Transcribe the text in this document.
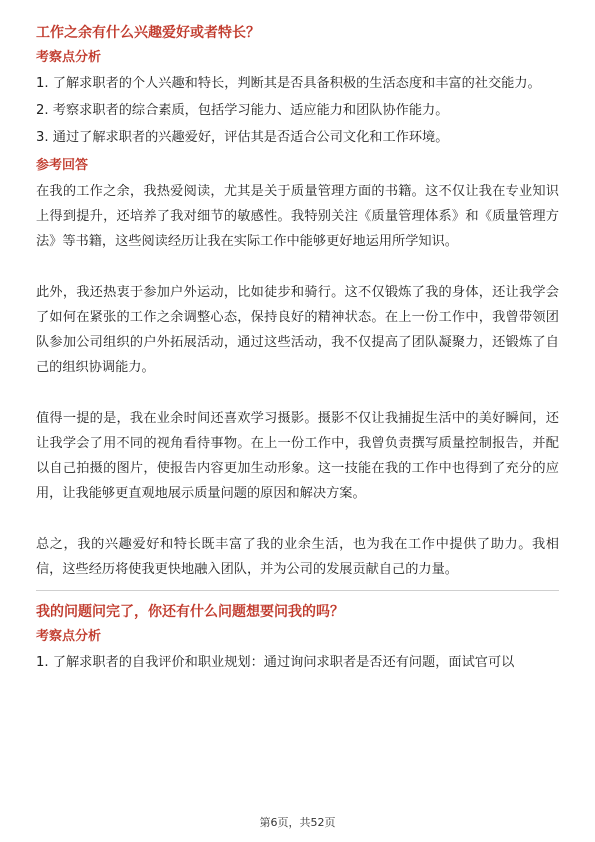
工作之余有什么兴趣爱好或者特长？
考察点分析

1. 了解求职者的个人兴趣和特长，判断其是否具备积极的生活态度和丰富的社交能力。

2. 考察求职者的综合素质，包括学习能力、适应能力和团队协作能力。

3. 通过了解求职者的兴趣爱好，评估其是否适合公司文化和工作环境。

参考回答

在我的工作之余，我热爱阅读，尤其是关于质量管理方面的书籍。这不仅让我在专业知识上得到提升，还培养了我对细节的敏感性。我特别关注《质量管理体系》和《质量管理方法》等书籍，这些阅读经历让我在实际工作中能够更好地运用所学知识。

此外，我还热衷于参加户外运动，比如徒步和骑行。这不仅锻炼了我的身体，还让我学会了如何在紧张的工作之余调整心态，保持良好的精神状态。在上一份工作中，我曾带领团队参加公司组织的户外拓展活动，通过这些活动，我不仅提高了团队凝聚力，还锻炼了自己的组织协调能力。

值得一提的是，我在业余时间还喜欢学习摄影。摄影不仅让我捕捉生活中的美好瞬间，还让我学会了用不同的视角看待事物。在上一份工作中，我曾负责撰写质量控制报告，并配以自己拍摄的图片，使报告内容更加生动形象。这一技能在我的工作中也得到了充分的应用，让我能够更直观地展示质量问题的原因和解决方案。

总之，我的兴趣爱好和特长既丰富了我的业余生活，也为我在工作中提供了助力。我相信，这些经历将使我更快地融入团队，并为公司的发展贡献自己的力量。

我的问题问完了，你还有什么问题想要问我的吗？
考察点分析

1. 了解求职者的自我评价和职业规划：通过询问求职者是否还有问题，面试官可以

第6页，共52页
